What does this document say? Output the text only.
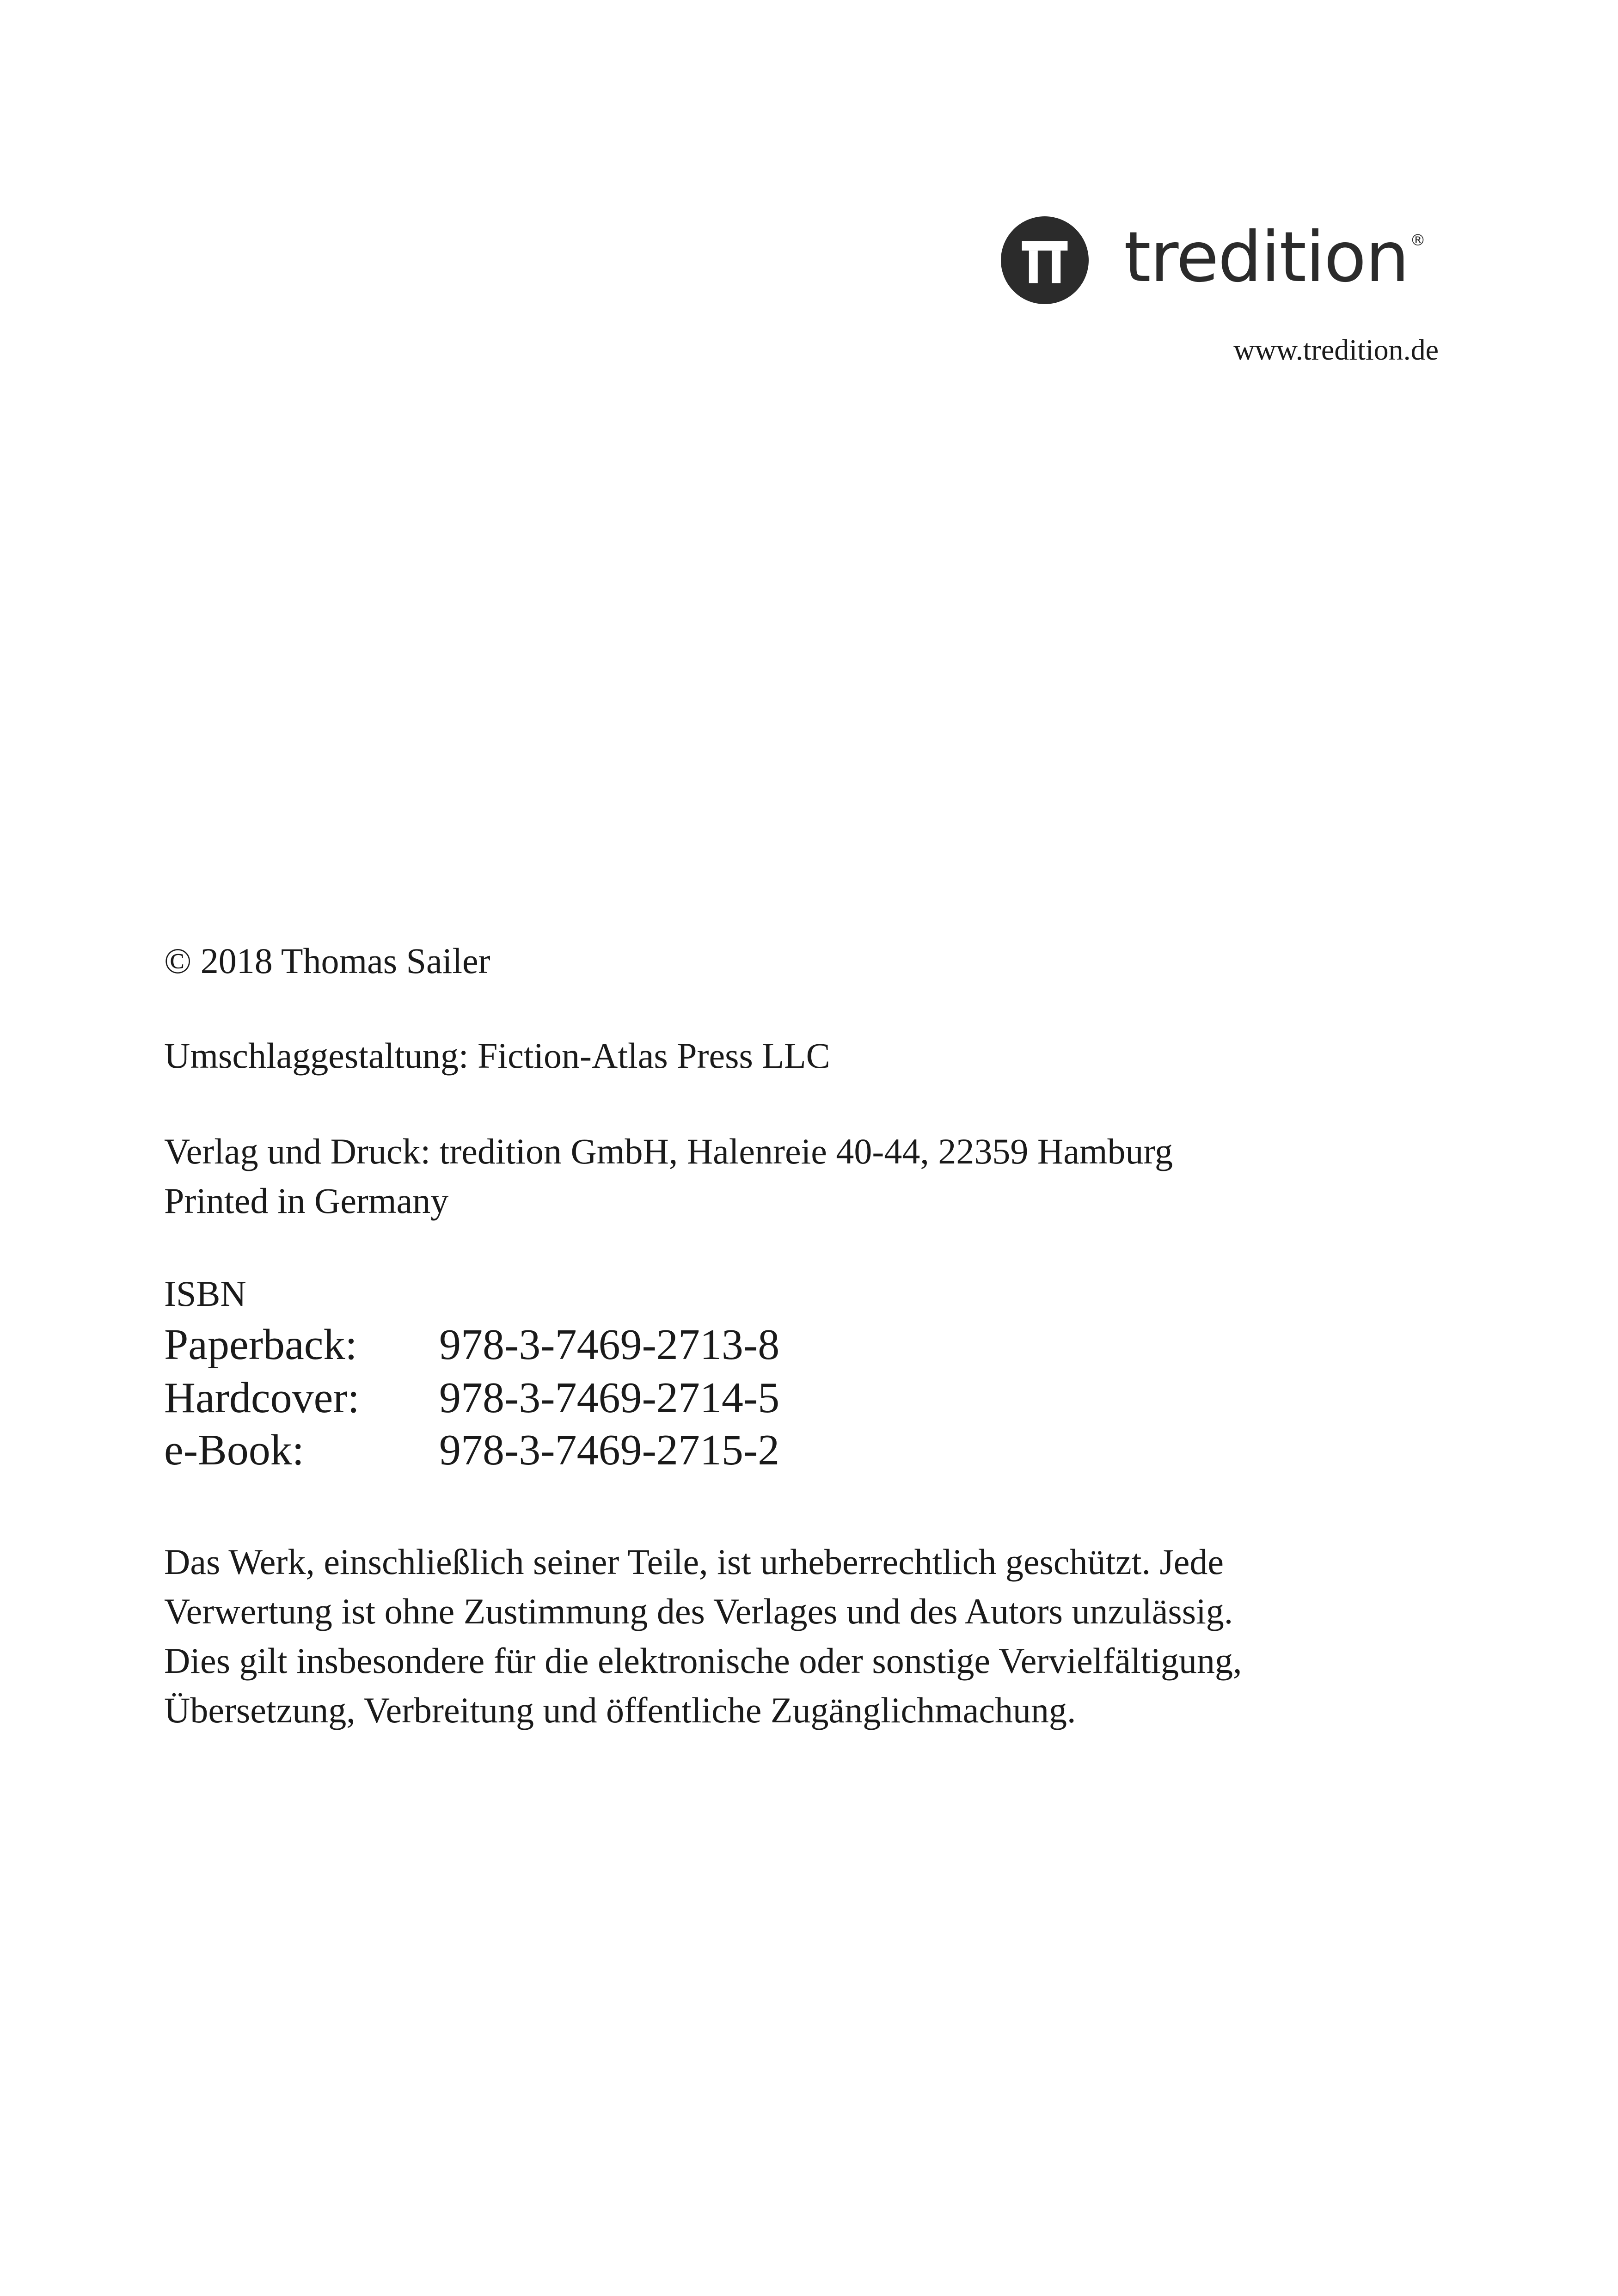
tredition ®
www.tredition.de

© 2018 Thomas Sailer

Umschlaggestaltung: Fiction-Atlas Press LLC

Verlag und Druck: tredition GmbH, Halenreie 40-44, 22359 Hamburg

Printed in Germany

ISBN

Paperback: 978-3-7469-2713-8
Hardcover: 978-3-7469-2714-5
e-Book:	978-3-7469-2715-2

Das Werk, einschließlich seiner Teile, ist urheberrechtlich geschützt. Jede
Verwertung ist ohne Zustimmung des Verlages und des Autors unzulässig.
Dies gilt insbesondere für die elektronische oder sonstige Vervielfältigung,
Übersetzung, Verbreitung und öffentliche Zugänglichmachung.
